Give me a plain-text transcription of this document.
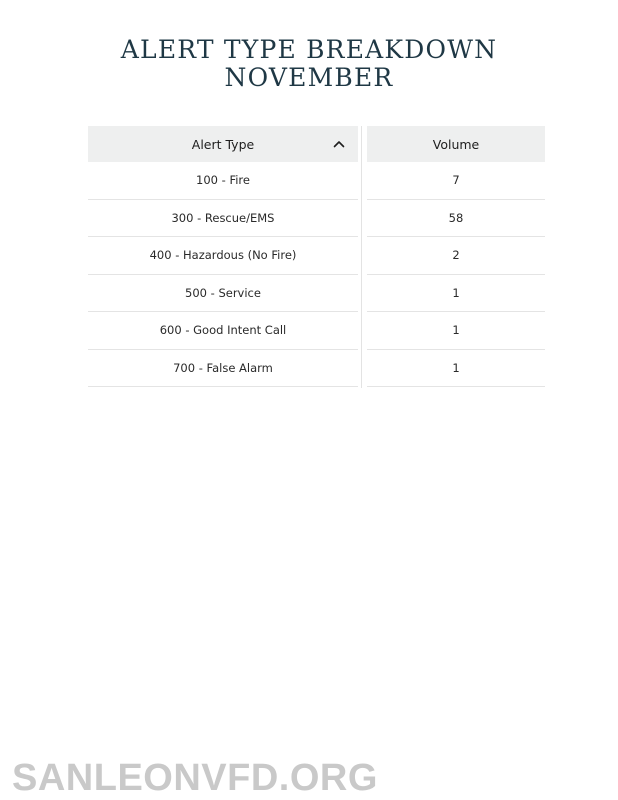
ALERT TYPE BREAKDOWN
NOVEMBER
Alert Type
100 - Fire
300 - Rescue/EMS
400 - Hazardous (No Fire)
500 - Service
600 - Good Intent Call
700 - False Alarm
Volume
7
58
2
1
1
1
SANLEONVFD.ORG
